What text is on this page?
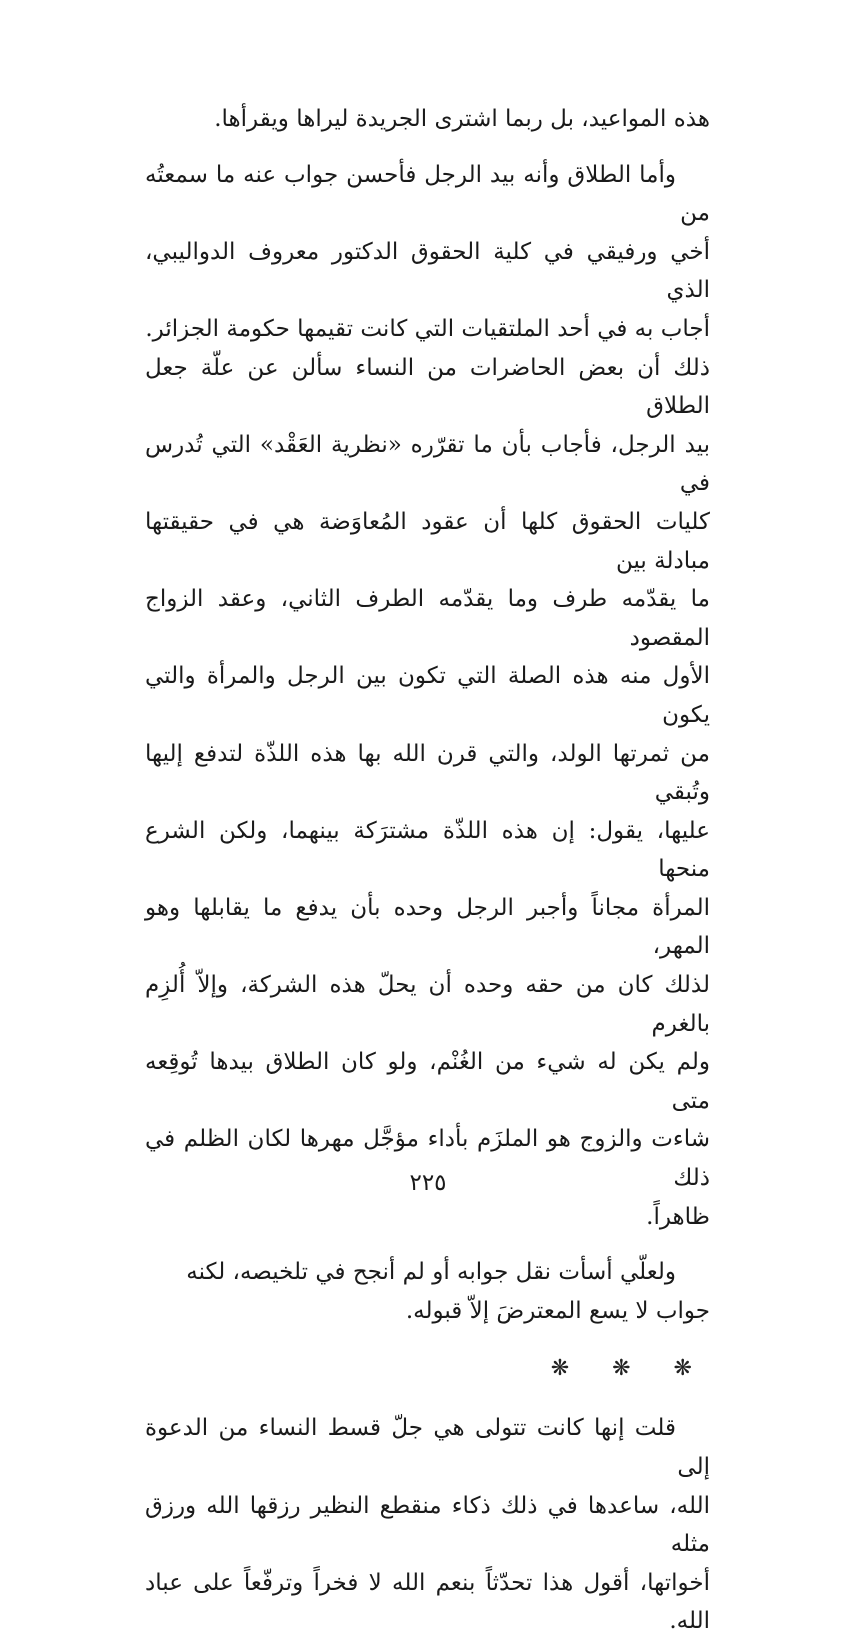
هذه المواعيد، بل ربما اشترى الجريدة ليراها ويقرأها.

وأما الطلاق وأنه بيد الرجل فأحسن جواب عنه ما سمعتُه من
أخي ورفيقي في كلية الحقوق الدكتور معروف الدواليبي، الذي
أجاب به في أحد الملتقيات التي كانت تقيمها حكومة الجزائر.
ذلك أن بعض الحاضرات من النساء سألن عن علّة جعل الطلاق
بيد الرجل، فأجاب بأن ما تقرّره «نظرية العَقْد» التي تُدرس في
كليات الحقوق كلها أن عقود المُعاوَضة هي في حقيقتها مبادلة بين
ما يقدّمه طرف وما يقدّمه الطرف الثاني، وعقد الزواج المقصود
الأول منه هذه الصلة التي تكون بين الرجل والمرأة والتي يكون
من ثمرتها الولد، والتي قرن الله بها هذه اللذّة لتدفع إليها وتُبقي
عليها، يقول: إن هذه اللذّة مشترَكة بينهما، ولكن الشرع منحها
المرأة مجاناً وأجبر الرجل وحده بأن يدفع ما يقابلها وهو المهر،
لذلك كان من حقه وحده أن يحلّ هذه الشركة، وإلاّ أُلزِم بالغرم
ولم يكن له شيء من الغُنْم، ولو كان الطلاق بيدها تُوقِعه متى
شاءت والزوج هو الملزَم بأداء مؤجَّل مهرها لكان الظلم في ذلك
ظاهراً.

ولعلّي أسأت نقل جوابه أو لم أنجح في تلخيصه، لكنه
جواب لا يسع المعترضَ إلاّ قبوله.

❋ ❋ ❋

قلت إنها كانت تتولى هي جلّ قسط النساء من الدعوة إلى
الله، ساعدها في ذلك ذكاء منقطع النظير رزقها الله ورزق مثله
أخواتها، أقول هذا تحدّثاً بنعم الله لا فخراً وترفّعاً على عباد الله.

٢٢٥
